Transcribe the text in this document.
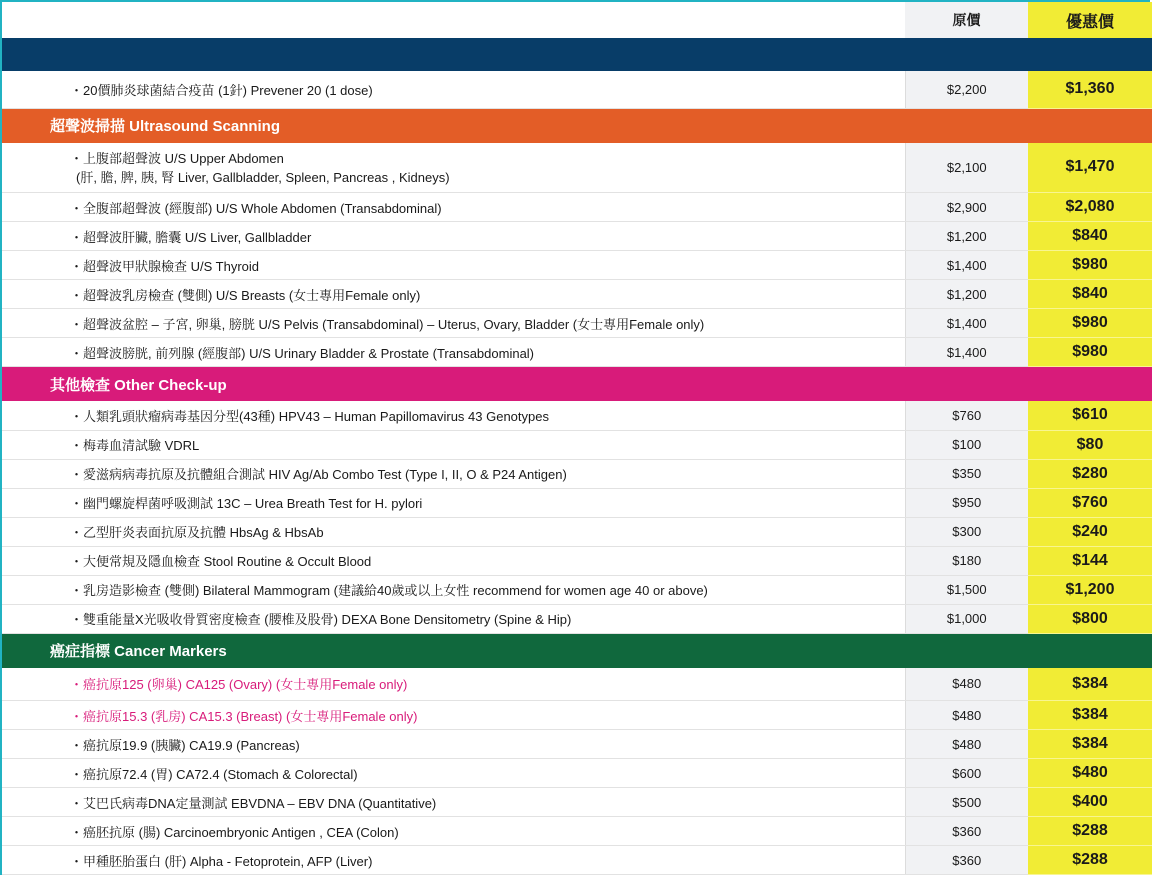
	原價	優惠價

・20價肺炎球菌結合疫苗 (1針) Prevener 20 (1 dose)	$2,200	$1,360
超聲波掃描 Ultrasound Scanning		
・上腹部超聲波 U/S Upper Abdomen
(肝, 膽, 脾, 胰, 腎 Liver, Gallbladder, Spleen, Pancreas , Kidneys)	$2,100	$1,470
・全腹部超聲波 (經腹部) U/S Whole Abdomen (Transabdominal)	$2,900	$2,080
・超聲波肝臟, 膽囊 U/S Liver, Gallbladder	$1,200	$840
・超聲波甲狀腺檢查 U/S Thyroid	$1,400	$980
・超聲波乳房檢查 (雙側) U/S Breasts (女士專用Female only)	$1,200	$840
・超聲波盆腔 – 子宮, 卵巢, 膀胱 U/S Pelvis (Transabdominal) – Uterus, Ovary, Bladder (女士專用Female only)	$1,400	$980
・超聲波膀胱, 前列腺 (經腹部) U/S Urinary Bladder & Prostate (Transabdominal)	$1,400	$980
其他檢查 Other Check-up		
・人類乳頭狀瘤病毒基因分型(43種) HPV43 – Human Papillomavirus 43 Genotypes	$760	$610
・梅毒血清試驗 VDRL	$100	$80
・愛滋病病毒抗原及抗體組合測試 HIV Ag/Ab Combo Test (Type I, II, O & P24 Antigen)	$350	$280
・幽門螺旋桿菌呼吸測試 13C – Urea Breath Test for H. pylori	$950	$760
・乙型肝炎表面抗原及抗體 HbsAg & HbsAb	$300	$240
・大便常規及隱血檢查 Stool Routine & Occult Blood	$180	$144
・乳房造影檢查 (雙側) Bilateral Mammogram (建議給40歲或以上女性 recommend for women age 40 or above)	$1,500	$1,200
・雙重能量X光吸收骨質密度檢查 (腰椎及股骨) DEXA Bone Densitometry (Spine & Hip)	$1,000	$800
癌症指標 Cancer Markers		
・癌抗原125 (卵巢) CA125 (Ovary) (女士專用Female only)	$480	$384
・癌抗原15.3 (乳房) CA15.3 (Breast) (女士專用Female only)	$480	$384
・癌抗原19.9 (胰臟) CA19.9 (Pancreas)	$480	$384
・癌抗原72.4 (胃) CA72.4 (Stomach & Colorectal)	$600	$480
・艾巴氏病毒DNA定量測試 EBVDNA – EBV DNA (Quantitative)	$500	$400
・癌胚抗原 (腸) Carcinoembryonic Antigen , CEA (Colon)	$360	$288
・甲種胚胎蛋白 (肝) Alpha - Fetoprotein, AFP (Liver)	$360	$288
